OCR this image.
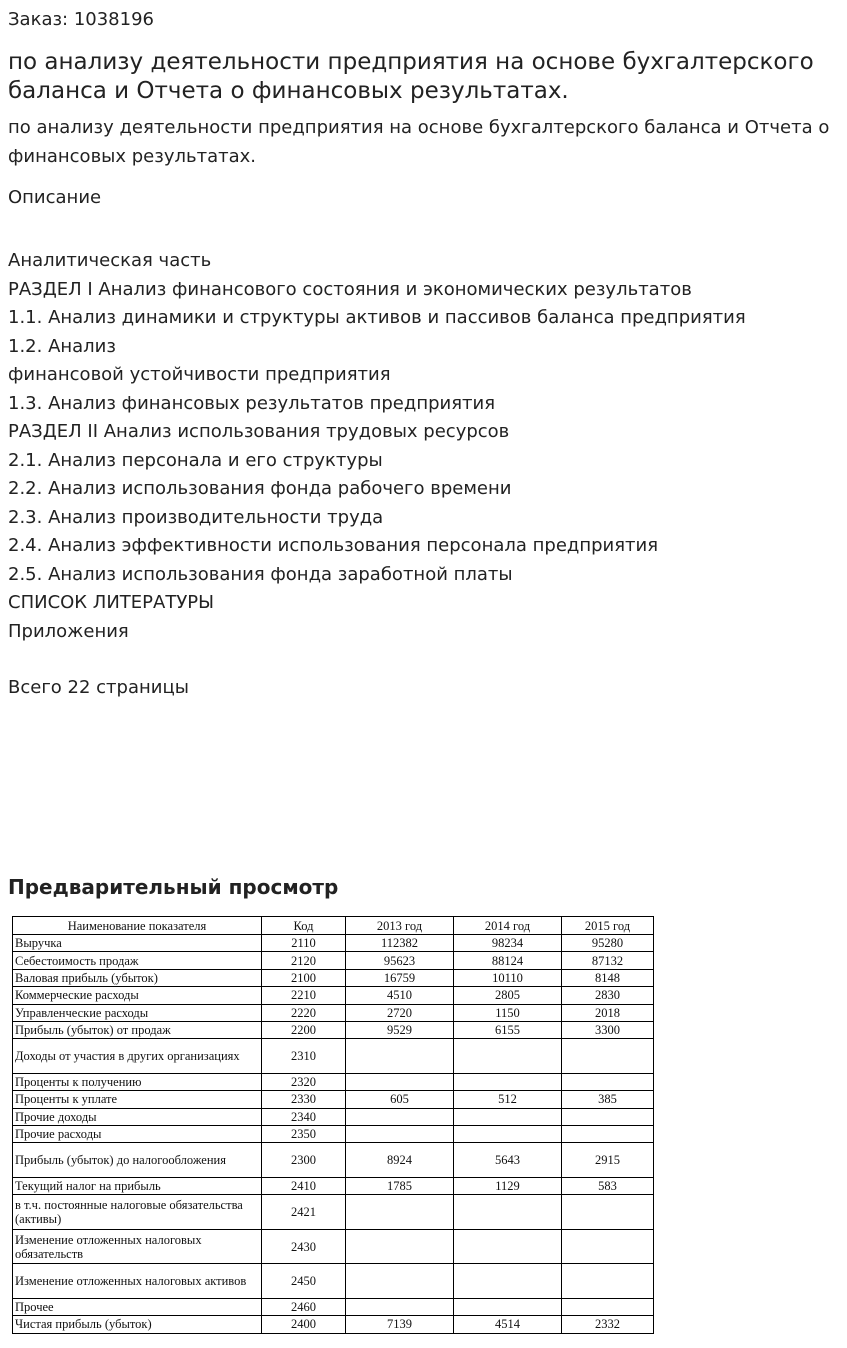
Заказ: 1038196
по анализу деятельности предприятия на основе бухгалтерского баланса и Отчета о финансовых результатах.
по анализу деятельности предприятия на основе бухгалтерского баланса и Отчета о финансовых результатах.
Описание
Аналитическая часть
РАЗДЕЛ I Анализ финансового состояния и экономических результатов
1.1. Анализ динамики и структуры активов и пассивов баланса предприятия
1.2. Анализ
финансовой устойчивости предприятия
1.3. Анализ финансовых результатов предприятия
РАЗДЕЛ II Анализ использования трудовых ресурсов
2.1. Анализ персонала и его структуры
2.2. Анализ использования фонда рабочего времени
2.3. Анализ производительности труда
2.4. Анализ эффективности использования персонала предприятия
2.5. Анализ использования фонда заработной платы
СПИСОК ЛИТЕРАТУРЫ
Приложения
Всего 22 страницы
Предварительный просмотр
Наименование показателя	Код	2013 год	2014 год	2015 год
Выручка	2110	112382	98234	95280
Себестоимость продаж	2120	95623	88124	87132
Валовая прибыль (убыток)	2100	16759	10110	8148
Коммерческие расходы	2210	4510	2805	2830
Управленческие расходы	2220	2720	1150	2018
Прибыль (убыток) от продаж	2200	9529	6155	3300
Доходы от участия в других организациях	2310			
Проценты к получению	2320			
Проценты к уплате	2330	605	512	385
Прочие доходы	2340			
Прочие расходы	2350			
Прибыль (убыток) до налогообложения	2300	8924	5643	2915
Текущий налог на прибыль	2410	1785	1129	583
в т.ч. постоянные налоговые обязательства (активы)	2421			
Изменение отложенных налоговых обязательств	2430			
Изменение отложенных налоговых активов	2450			
Прочее	2460			
Чистая прибыль (убыток)	2400	7139	4514	2332
